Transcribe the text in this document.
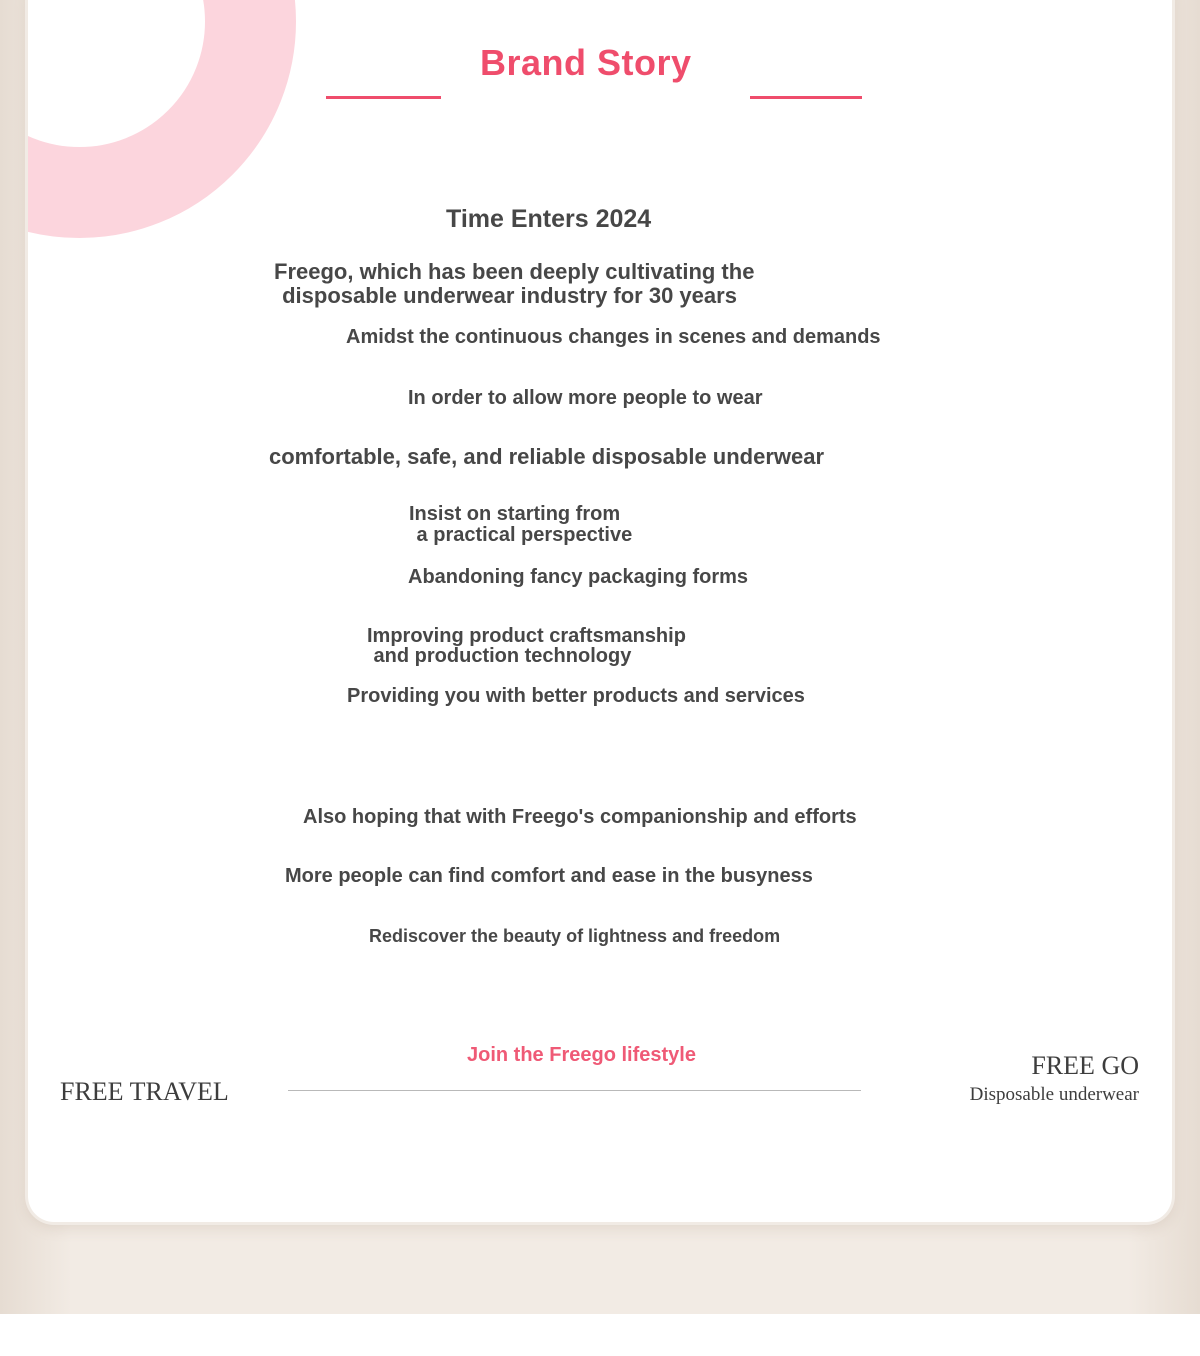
Brand Story
Time Enters 2024
Freego, which has been deeply cultivating the
disposable underwear industry for 30 years
Amidst the continuous changes in scenes and demands
In order to allow more people to wear
comfortable, safe, and reliable disposable underwear
Insist on starting from
a practical perspective
Abandoning fancy packaging forms
Improving product craftsmanship
and production technology
Providing you with better products and services
Also hoping that with Freego's companionship and efforts
More people can find comfort and ease in the busyness
Rediscover the beauty of lightness and freedom
Join the Freego lifestyle
FREE TRAVEL
FREE GO
Disposable underwear
